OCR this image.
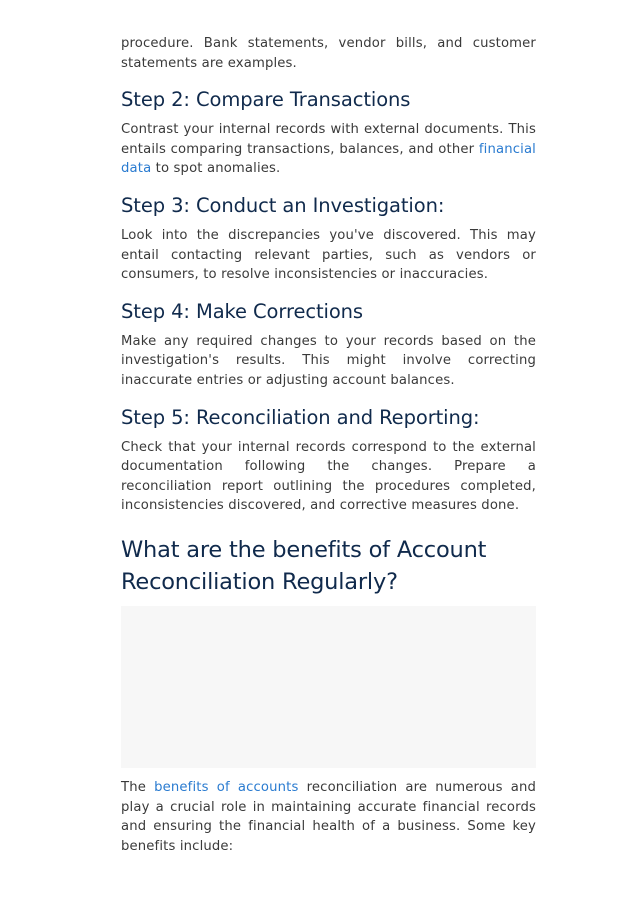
procedure. Bank statements, vendor bills, and customer statements are examples.

Step 2: Compare Transactions

Contrast your internal records with external documents. This entails comparing transactions, balances, and other financial data to spot anomalies.

Step 3: Conduct an Investigation:

Look into the discrepancies you've discovered. This may entail contacting relevant parties, such as vendors or consumers, to resolve inconsistencies or inaccuracies.

Step 4: Make Corrections

Make any required changes to your records based on the investigation's results. This might involve correcting inaccurate entries or adjusting account balances.

Step 5: Reconciliation and Reporting:

Check that your internal records correspond to the external documentation following the changes. Prepare a reconciliation report outlining the procedures completed, inconsistencies discovered, and corrective measures done.

What are the benefits of Account Reconciliation Regularly?

The benefits of accounts reconciliation are numerous and play a crucial role in maintaining accurate financial records and ensuring the financial health of a business. Some key benefits include:
